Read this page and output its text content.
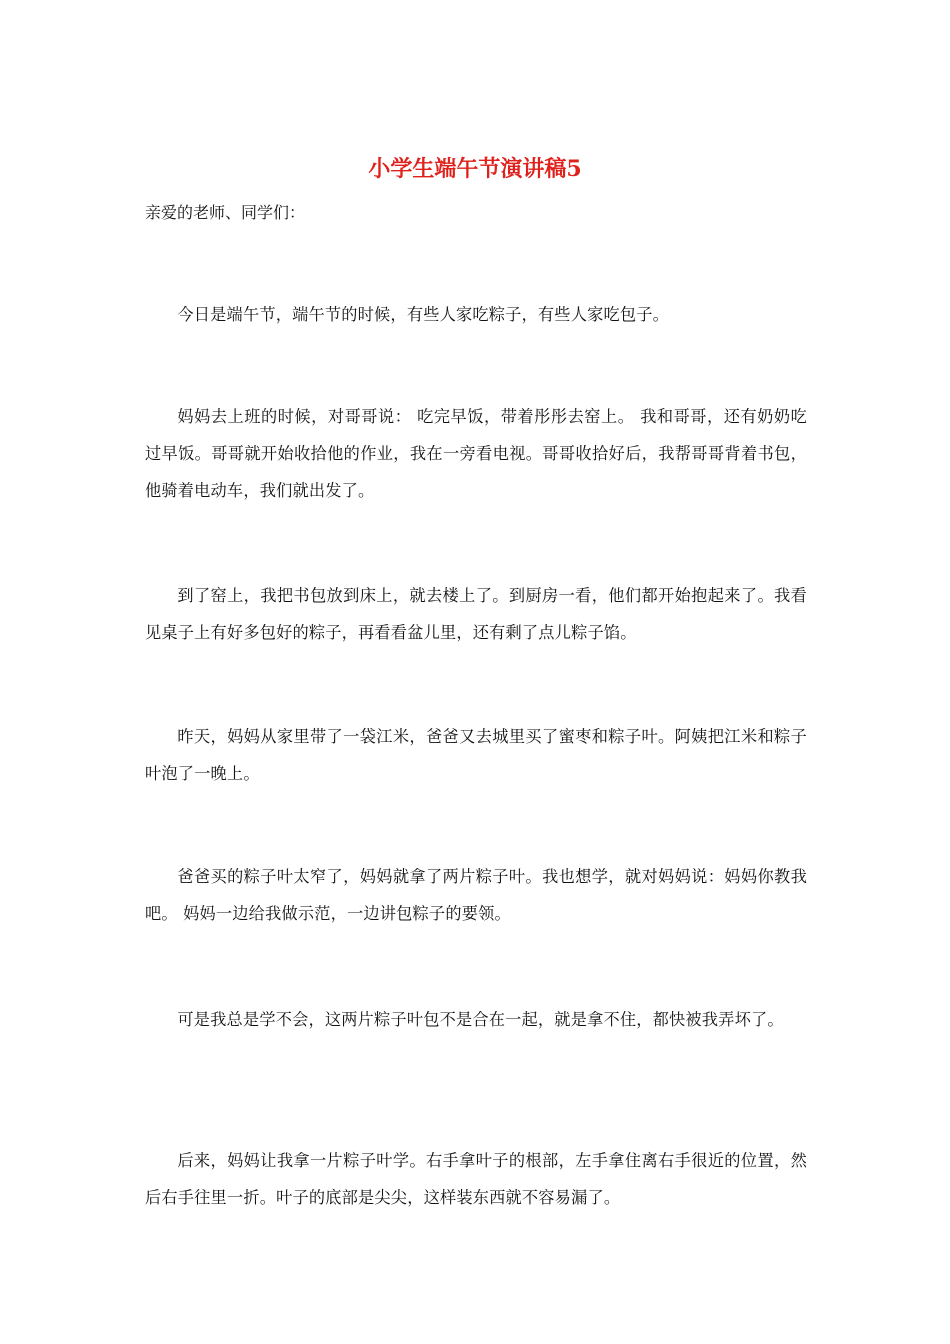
小学生端午节演讲稿5

亲爱的老师、同学们：

今日是端午节，端午节的时候，有些人家吃粽子，有些人家吃包子。

妈妈去上班的时候，对哥哥说： 吃完早饭，带着彤彤去窑上。 我和哥哥，还有奶奶吃过早饭。哥哥就开始收拾他的作业，我在一旁看电视。哥哥收拾好后，我帮哥哥背着书包，他骑着电动车，我们就出发了。

到了窑上，我把书包放到床上，就去楼上了。到厨房一看，他们都开始抱起来了。我看见桌子上有好多包好的粽子，再看看盆儿里，还有剩了点儿粽子馅。

昨天，妈妈从家里带了一袋江米，爸爸又去城里买了蜜枣和粽子叶。阿姨把江米和粽子叶泡了一晚上。

爸爸买的粽子叶太窄了，妈妈就拿了两片粽子叶。我也想学，就对妈妈说：妈妈你教我吧。 妈妈一边给我做示范，一边讲包粽子的要领。

可是我总是学不会，这两片粽子叶包不是合在一起，就是拿不住，都快被我弄坏了。

后来，妈妈让我拿一片粽子叶学。右手拿叶子的根部，左手拿住离右手很近的位置，然后右手往里一折。叶子的底部是尖尖，这样装东西就不容易漏了。
